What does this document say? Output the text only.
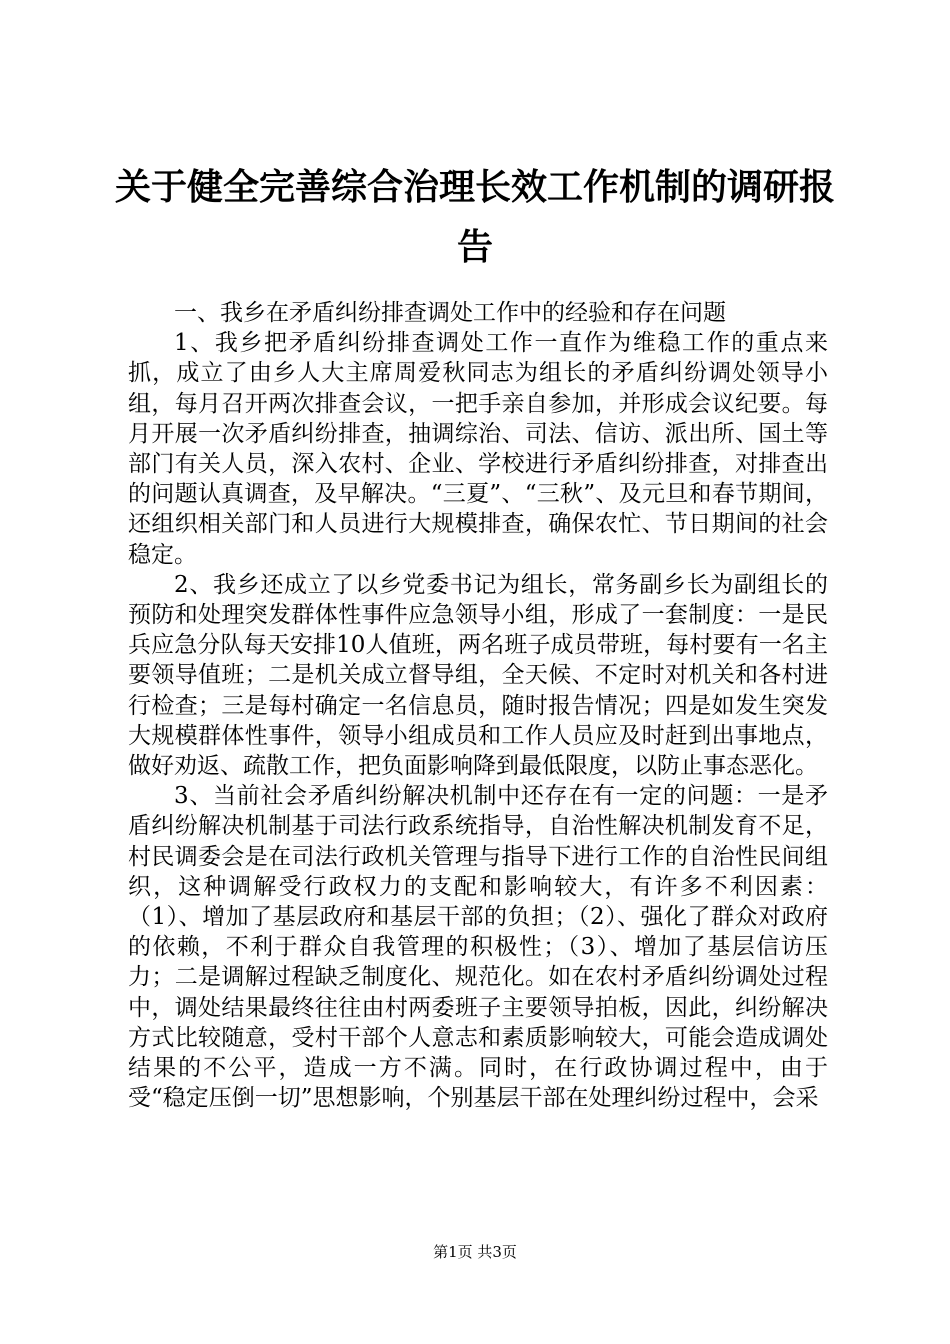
关于健全完善综合治理长效工作机制的调研报告

一、我乡在矛盾纠纷排查调处工作中的经验和存在问题

1、我乡把矛盾纠纷排查调处工作一直作为维稳工作的重点来抓，成立了由乡人大主席周爱秋同志为组长的矛盾纠纷调处领导小组，每月召开两次排查会议，一把手亲自参加，并形成会议纪要。每月开展一次矛盾纠纷排查，抽调综治、司法、信访、派出所、国土等部门有关人员，深入农村、企业、学校进行矛盾纠纷排查，对排查出的问题认真调查，及早解决。“三夏”、“三秋”、及元旦和春节期间，还组织相关部门和人员进行大规模排查，确保农忙、节日期间的社会稳定。

2、我乡还成立了以乡党委书记为组长，常务副乡长为副组长的预防和处理突发群体性事件应急领导小组，形成了一套制度：一是民兵应急分队每天安排10人值班，两名班子成员带班，每村要有一名主要领导值班；二是机关成立督导组，全天候、不定时对机关和各村进行检查；三是每村确定一名信息员，随时报告情况；四是如发生突发大规模群体性事件，领导小组成员和工作人员应及时赶到出事地点，做好劝返、疏散工作，把负面影响降到最低限度，以防止事态恶化。

3、当前社会矛盾纠纷解决机制中还存在有一定的问题：一是矛盾纠纷解决机制基于司法行政系统指导，自治性解决机制发育不足，村民调委会是在司法行政机关管理与指导下进行工作的自治性民间组织，这种调解受行政权力的支配和影响较大，有许多不利因素：（1）、增加了基层政府和基层干部的负担；（2）、强化了群众对政府的依赖，不利于群众自我管理的积极性；（3）、增加了基层信访压力；二是调解过程缺乏制度化、规范化。如在农村矛盾纠纷调处过程中，调处结果最终往往由村两委班子主要领导拍板，因此，纠纷解决方式比较随意，受村干部个人意志和素质影响较大，可能会造成调处结果的不公平，造成一方不满。同时，在行政协调过程中，由于受“稳定压倒一切”思想影响，个别基层干部在处理纠纷过程中，会采

第1页 共3页
